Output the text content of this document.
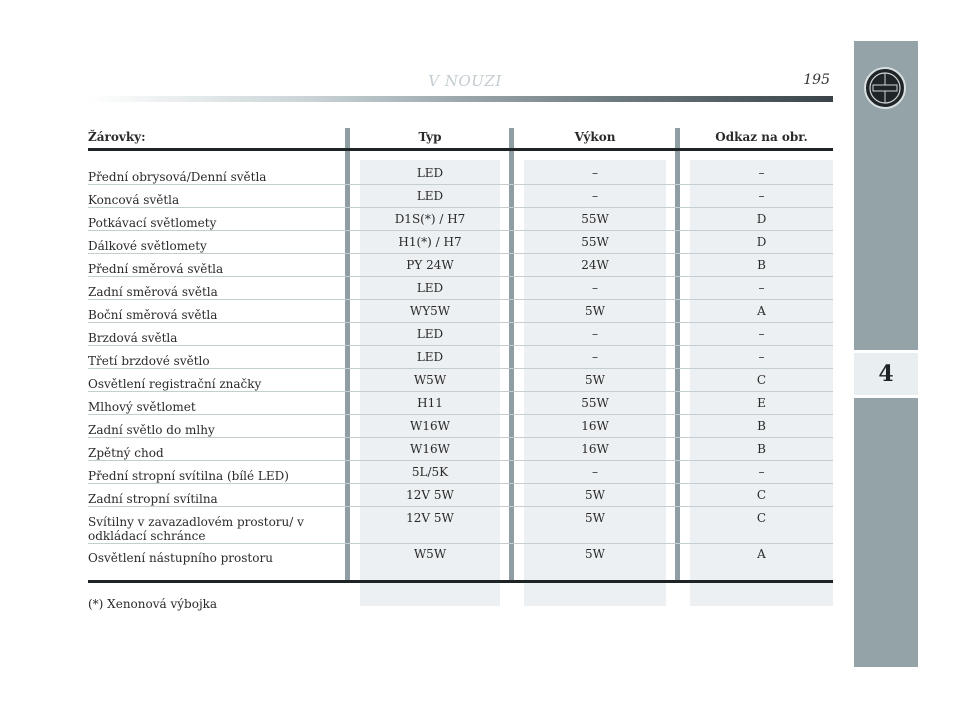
V NOUZI	195
4
Žárovky:	Typ	Výkon	Odkaz na obr.
Přední obrysová/Denní světla	LED	–	–
Koncová světla	LED	–	–
Potkávací světlomety	D1S(*) / H7	55W	D
Dálkové světlomety	H1(*) / H7	55W	D
Přední směrová světla	PY 24W	24W	B
Zadní směrová světla	LED	–	–
Boční směrová světla	WY5W	5W	A
Brzdová světla	LED	–	–
Třetí brzdové světlo	LED	–	–
Osvětlení registrační značky	W5W	5W	C
Mlhový světlomet	H11	55W	E
Zadní světlo do mlhy	W16W	16W	B
Zpětný chod	W16W	16W	B
Přední stropní svítilna (bílé LED)	5L/5K	–	–
Zadní stropní svítilna	12V 5W	5W	C
Svítilny v zavazadlovém prostoru/ v odkládací schránce
12V 5W	5W	C
Osvětlení nástupního prostoru	W5W	5W	A
(*) Xenonová výbojka
